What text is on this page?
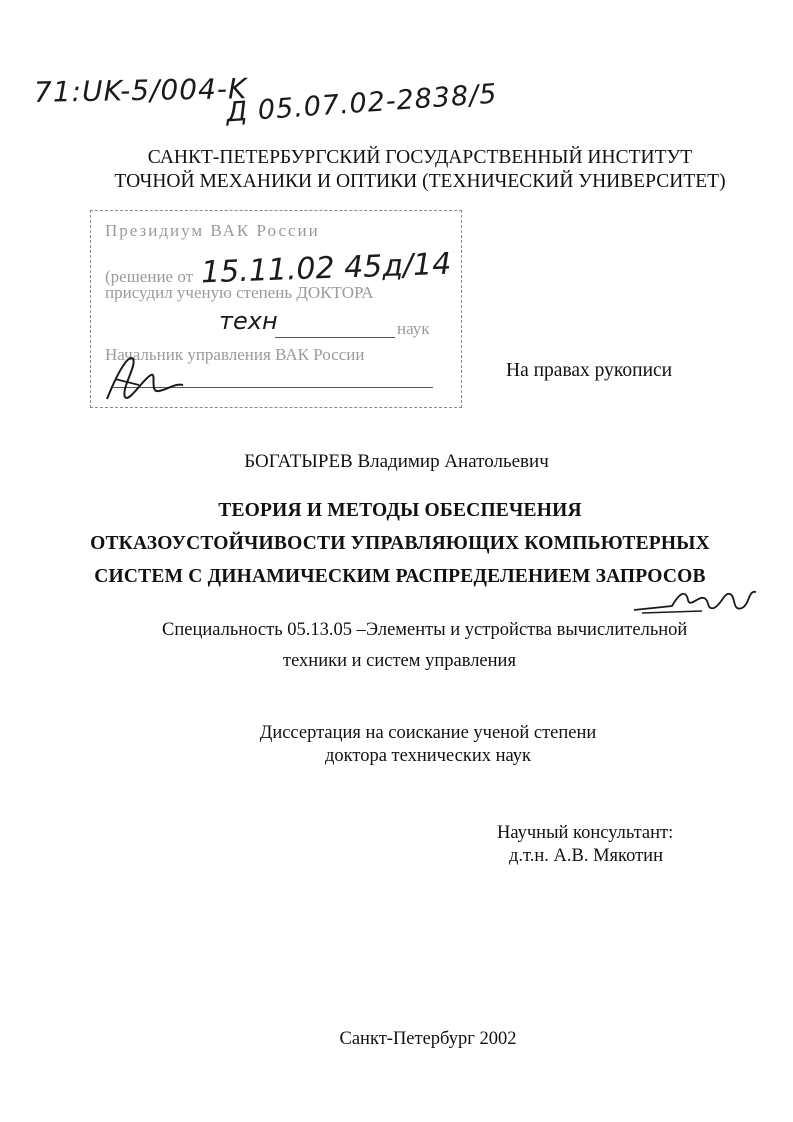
71:UK-5/004-K
Д 05.07.02-2838/5
САНКТ-ПЕТЕРБУРГСКИЙ ГОСУДАРСТВЕННЫЙ ИНСТИТУТ
ТОЧНОЙ МЕХАНИКИ И ОПТИКИ (ТЕХНИЧЕСКИЙ УНИВЕРСИТЕТ)
Президиум ВАК России
(решение от
присудил ученую степень ДОКТОРА
наук
Начальник управления ВАК России
15.11.02 45д/14
техн
На правах рукописи
БОГАТЫРЕВ Владимир Анатольевич
ТЕОРИЯ И МЕТОДЫ ОБЕСПЕЧЕНИЯ
ОТКАЗОУСТОЙЧИВОСТИ УПРАВЛЯЮЩИХ КОМПЬЮТЕРНЫХ
СИСТЕМ С ДИНАМИЧЕСКИМ РАСПРЕДЕЛЕНИЕМ ЗАПРОСОВ
Специальность 05.13.05 –Элементы и устройства вычислительной
техники и систем управления
Диссертация на соискание ученой степени
доктора технических наук
Научный консультант:
д.т.н. А.В. Мякотин
Санкт-Петербург 2002
